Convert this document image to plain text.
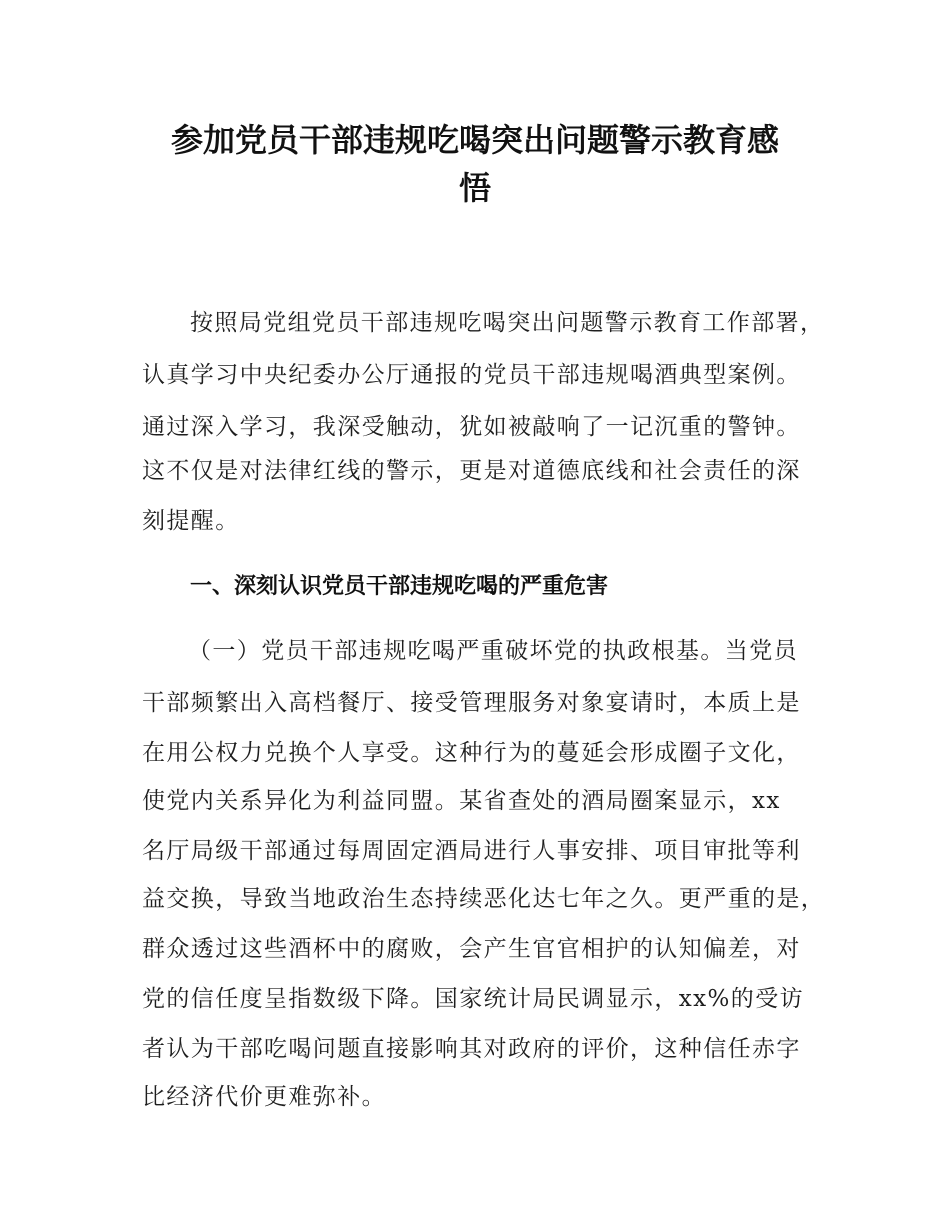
参加党员干部违规吃喝突出问题警示教育感
悟
按照局党组党员干部违规吃喝突出问题警示教育工作部署，
认真学习中央纪委办公厅通报的党员干部违规喝酒典型案例。
通过深入学习，我深受触动，犹如被敲响了一记沉重的警钟。
这不仅是对法律红线的警示，更是对道德底线和社会责任的深
刻提醒。
一、深刻认识党员干部违规吃喝的严重危害
（一）党员干部违规吃喝严重破坏党的执政根基。当党员
干部频繁出入高档餐厅、接受管理服务对象宴请时，本质上是
在用公权力兑换个人享受。这种行为的蔓延会形成圈子文化，
使党内关系异化为利益同盟。某省查处的酒局圈案显示，xx
名厅局级干部通过每周固定酒局进行人事安排、项目审批等利
益交换，导致当地政治生态持续恶化达七年之久。更严重的是，
群众透过这些酒杯中的腐败，会产生官官相护的认知偏差，对
党的信任度呈指数级下降。国家统计局民调显示，xx%的受访
者认为干部吃喝问题直接影响其对政府的评价，这种信任赤字
比经济代价更难弥补。
